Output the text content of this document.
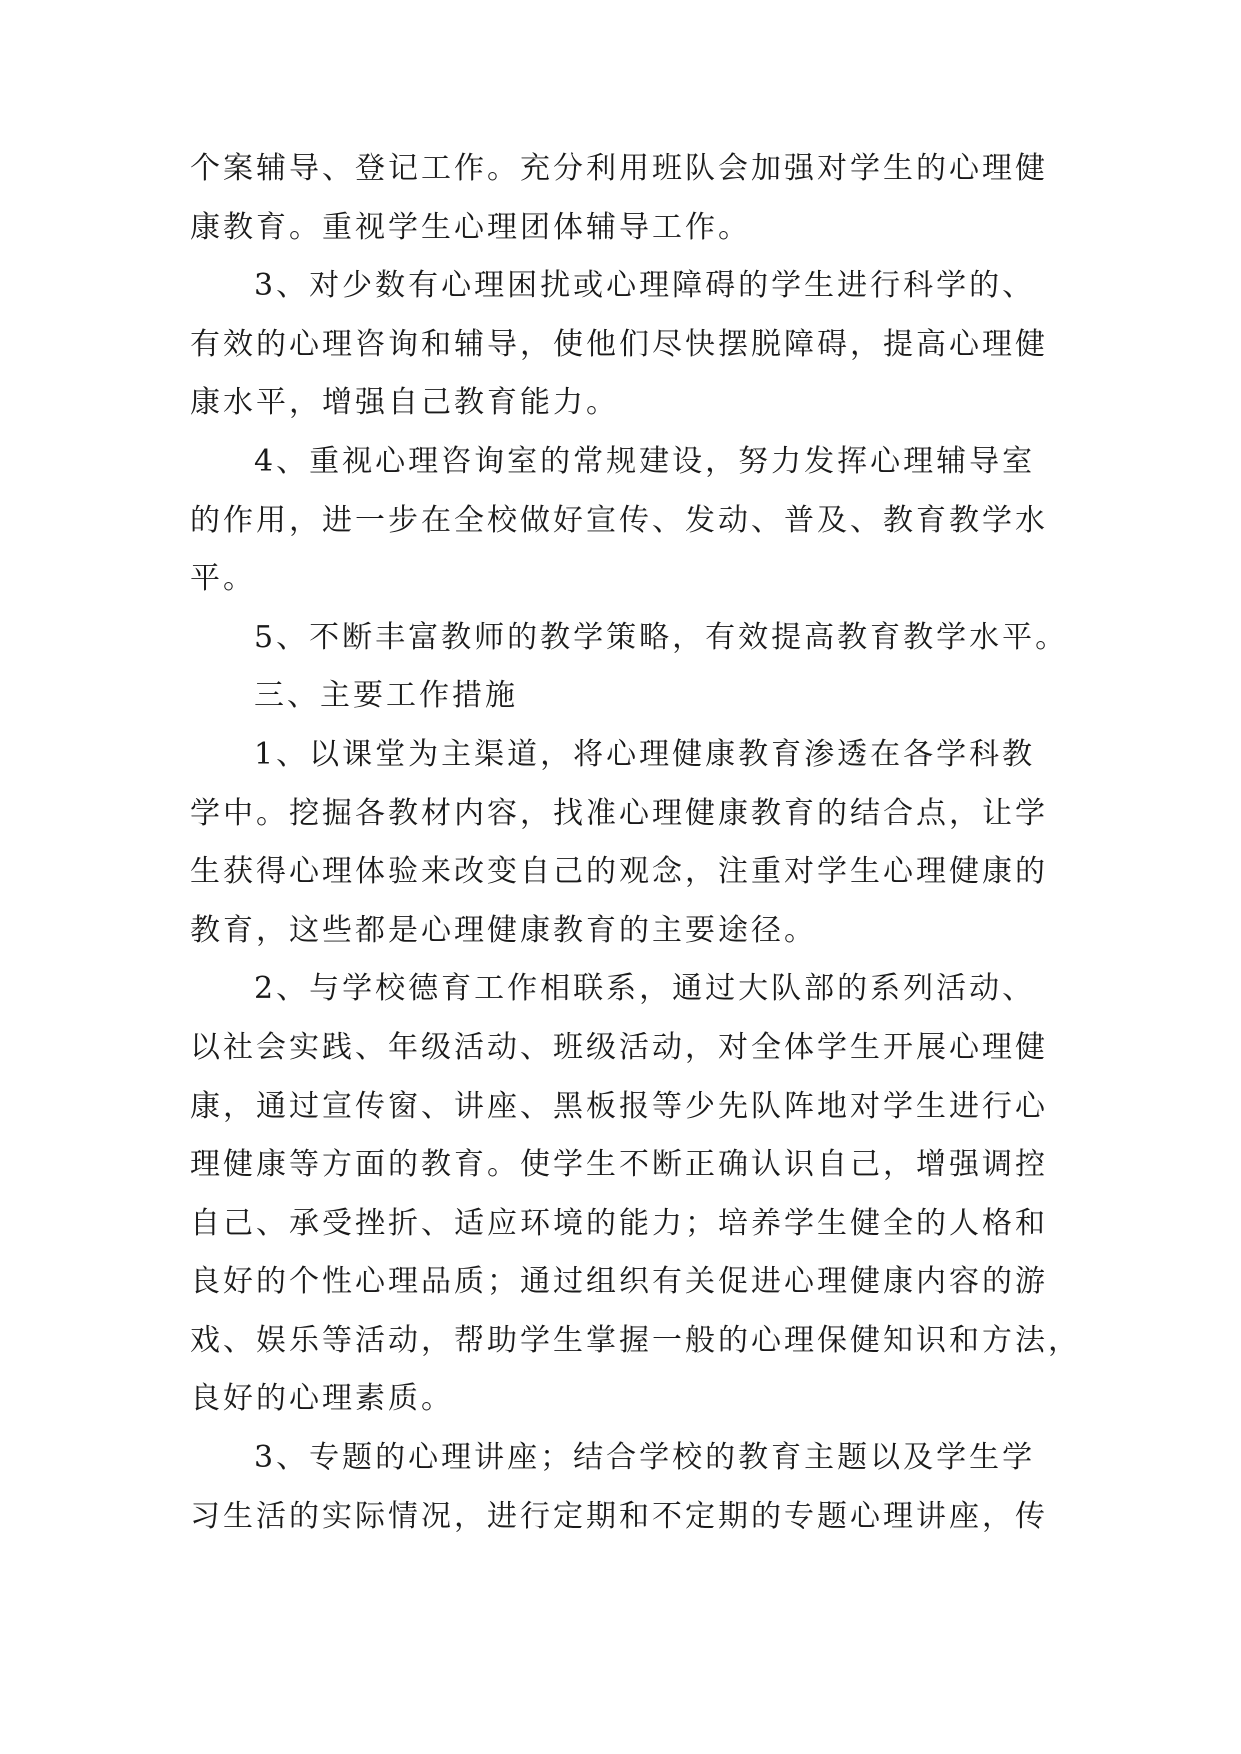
个案辅导、登记工作。充分利用班队会加强对学生的心理健
康教育。重视学生心理团体辅导工作。
3、对少数有心理困扰或心理障碍的学生进行科学的、
有效的心理咨询和辅导，使他们尽快摆脱障碍，提高心理健
康水平，增强自己教育能力。
4、重视心理咨询室的常规建设，努力发挥心理辅导室
的作用，进一步在全校做好宣传、发动、普及、教育教学水
平。
5、不断丰富教师的教学策略，有效提高教育教学水平。
三、主要工作措施
1、以课堂为主渠道，将心理健康教育渗透在各学科教
学中。挖掘各教材内容，找准心理健康教育的结合点，让学
生获得心理体验来改变自己的观念，注重对学生心理健康的
教育，这些都是心理健康教育的主要途径。
2、与学校德育工作相联系，通过大队部的系列活动、
以社会实践、年级活动、班级活动，对全体学生开展心理健
康，通过宣传窗、讲座、黑板报等少先队阵地对学生进行心
理健康等方面的教育。使学生不断正确认识自己，增强调控
自己、承受挫折、适应环境的能力；培养学生健全的人格和
良好的个性心理品质；通过组织有关促进心理健康内容的游
戏、娱乐等活动，帮助学生掌握一般的心理保健知识和方法，
良好的心理素质。
3、专题的心理讲座；结合学校的教育主题以及学生学
习生活的实际情况，进行定期和不定期的专题心理讲座，传
